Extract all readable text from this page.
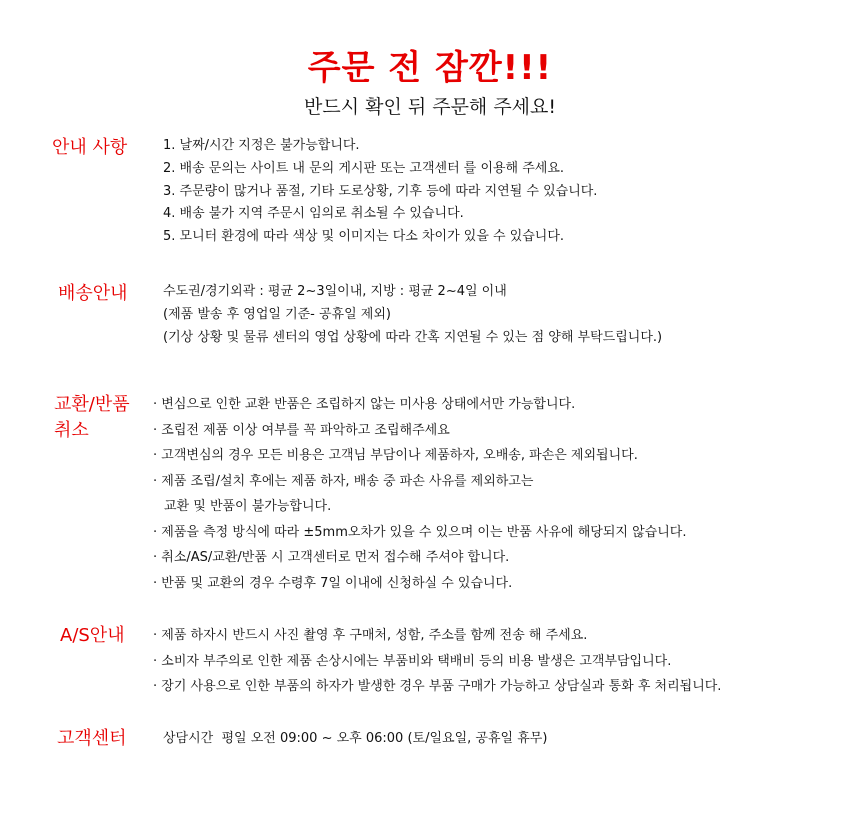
주문 전 잠깐!!!
반드시 확인 뒤 주문해 주세요!
안내 사항	1. 날짜/시간 지정은 불가능합니다.
2. 배송 문의는 사이트 내 문의 게시판 또는 고객센터 를 이용해 주세요.
3. 주문량이 많거나 품절, 기타 도로상황, 기후 등에 따라 지연될 수 있습니다.
4. 배송 불가 지역 주문시 임의로 취소될 수 있습니다.
5. 모니터 환경에 따라 색상 및 이미지는 다소 차이가 있을 수 있습니다.
배송안내	수도권/경기외곽 : 평균 2~3일이내, 지방 : 평균 2~4일 이내
(제품 발송 후 영업일 기준- 공휴일 제외)
(기상 상황 및 물류 센터의 영업 상황에 따라 간혹 지연될 수 있는 점 양해 부탁드립니다.)
교환/반품
취소
· 변심으로 인한 교환 반품은 조립하지 않는 미사용 상태에서만 가능합니다.
· 조립전 제품 이상 여부를 꼭 파악하고 조립해주세요
· 고객변심의 경우 모든 비용은 고객님 부담이나 제품하자, 오배송, 파손은 제외됩니다.
· 제품 조립/설치 후에는 제품 하자, 배송 중 파손 사유를 제외하고는
교환 및 반품이 불가능합니다.
· 제품을 측정 방식에 따라 ±5mm오차가 있을 수 있으며 이는 반품 사유에 해당되지 않습니다.
· 취소/AS/교환/반품 시 고객센터로 먼저 접수해 주셔야 합니다.
· 반품 및 교환의 경우 수령후 7일 이내에 신청하실 수 있습니다.
A/S안내 · 제품 하자시 반드시 사진 촬영 후 구매처, 성함, 주소를 함께 전송 해 주세요.
· 소비자 부주의로 인한 제품 손상시에는 부품비와 택배비 등의 비용 발생은 고객부담입니다.
· 장기 사용으로 인한 부품의 하자가 발생한 경우 부품 구매가 가능하고 상담실과 통화 후 처리됩니다.
고객센터	상담시간  평일 오전 09:00 ~ 오후 06:00 (토/일요일, 공휴일 휴무)
